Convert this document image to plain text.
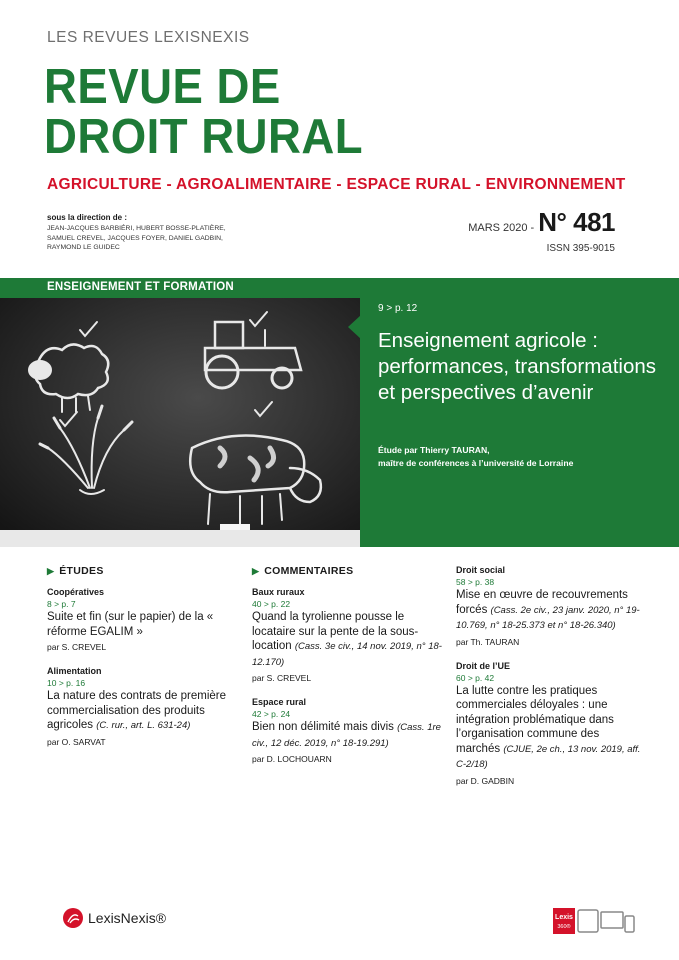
LES REVUES LEXISNEXIS
REVUE DE
DROIT RURAL
AGRICULTURE - AGROALIMENTAIRE - ESPACE RURAL - ENVIRONNEMENT
sous la direction de :
JEAN-JACQUES BARBIÉRI, HUBERT BOSSE-PLATIÈRE, SAMUEL CREVEL, JACQUES FOYER, DANIEL GADBIN, RAYMOND LE GUIDEC
MARS 2020 - N° 481
ISSN 395-9015
ENSEIGNEMENT ET FORMATION
9 > p. 12
Enseignement agricole : performances, transformations et perspectives d’avenir
Étude par Thierry TAURAN,
maître de conférences à l’université de Lorraine
▶ ÉTUDES
Coopératives
8 > p. 7
Suite et fin (sur le papier) de la « réforme EGALIM »
par S. CREVEL
Alimentation
10 > p. 16
La nature des contrats de première commercialisation des produits agricoles (C. rur., art. L. 631-24)
par O. SARVAT
▶ COMMENTAIRES
Baux ruraux
40 > p. 22
Quand la tyrolienne pousse le locataire sur la pente de la sous-location (Cass. 3e civ., 14 nov. 2019, n° 18-12.170)
par S. CREVEL
Espace rural
42 > p. 24
Bien non délimité mais divis (Cass. 1re civ., 12 déc. 2019, n° 18-19.291)
par D. LOCHOUARN
Droit social
58 > p. 38
Mise en œuvre de recouvrements forcés (Cass. 2e civ., 23 janv. 2020, n° 19-10.769, n° 18-25.373 et n° 18-26.340)
par Th. TAURAN
Droit de l’UE
60 > p. 42
La lutte contre les pratiques commerciales déloyales : une intégration problématique dans l’organisation commune des marchés (CJUE, 2e ch., 13 nov. 2019, aff. C-2/18)
par D. GADBIN
LexisNexis®	Lexis
360®
